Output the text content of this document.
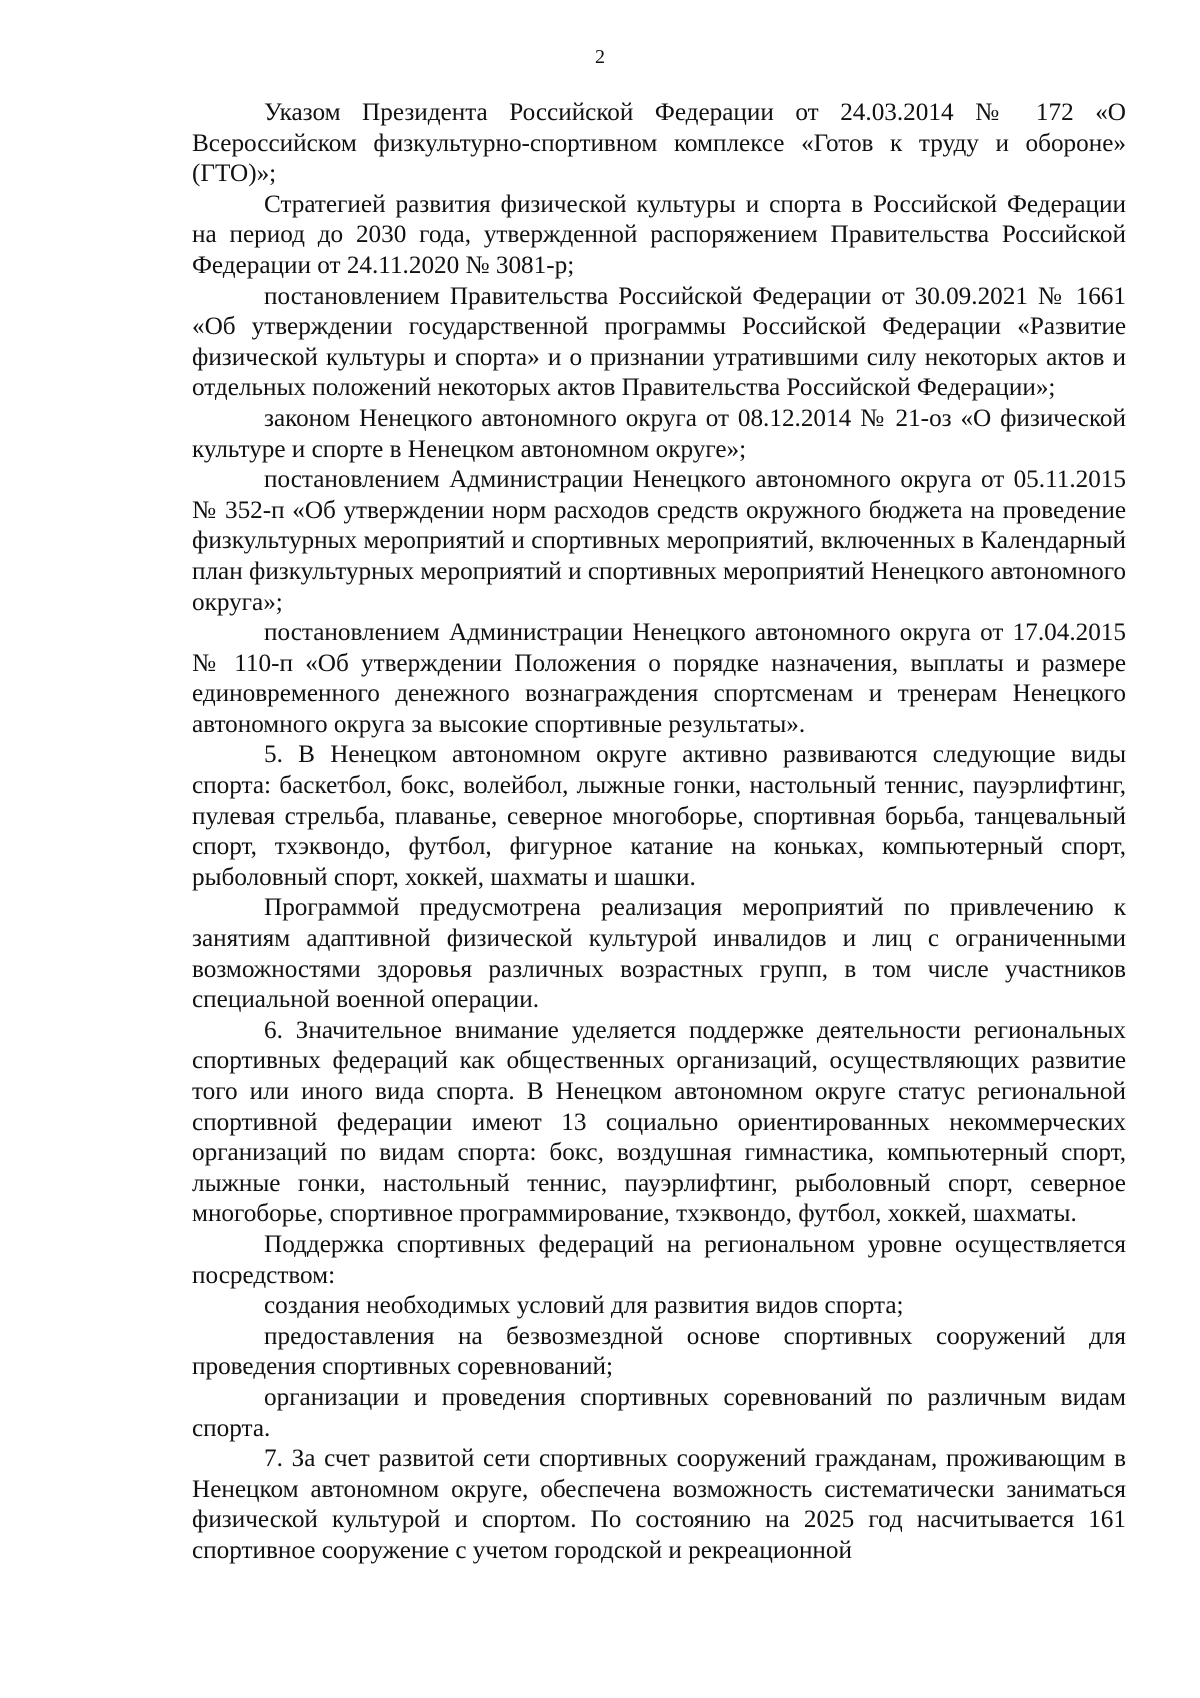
2

Указом Президента Российской Федерации от 24.03.2014 № 172 «О Всероссийском физкультурно-спортивном комплексе «Готов к труду и обороне» (ГТО)»;

Стратегией развития физической культуры и спорта в Российской Федерации на период до 2030 года, утвержденной распоряжением Правительства Российской Федерации от 24.11.2020 № 3081-р;

постановлением Правительства Российской Федерации от 30.09.2021 № 1661 «Об утверждении государственной программы Российской Федерации «Развитие физической культуры и спорта» и о признании утратившими силу некоторых актов и отдельных положений некоторых актов Правительства Российской Федерации»;

законом Ненецкого автономного округа от 08.12.2014 № 21-оз «О физической культуре и спорте в Ненецком автономном округе»;

постановлением Администрации Ненецкого автономного округа от 05.11.2015 № 352-п «Об утверждении норм расходов средств окружного бюджета на проведение физкультурных мероприятий и спортивных мероприятий, включенных в Календарный план физкультурных мероприятий и спортивных мероприятий Ненецкого автономного округа»;

постановлением Администрации Ненецкого автономного округа от 17.04.2015 № 110-п «Об утверждении Положения о порядке назначения, выплаты и размере единовременного денежного вознаграждения спортсменам и тренерам Ненецкого автономного округа за высокие спортивные результаты».

5. В Ненецком автономном округе активно развиваются следующие виды спорта: баскетбол, бокс, волейбол, лыжные гонки, настольный теннис, пауэрлифтинг, пулевая стрельба, плаванье, северное многоборье, спортивная борьба, танцевальный спорт, тхэквондо, футбол, фигурное катание на коньках, компьютерный спорт, рыболовный спорт, хоккей, шахматы и шашки.

Программой предусмотрена реализация мероприятий по привлечению к занятиям адаптивной физической культурой инвалидов и лиц с ограниченными возможностями здоровья различных возрастных групп, в том числе участников специальной военной операции.

6. Значительное внимание уделяется поддержке деятельности региональных спортивных федераций как общественных организаций, осуществляющих развитие того или иного вида спорта. В Ненецком автономном округе статус региональной спортивной федерации имеют 13 социально ориентированных некоммерческих организаций по видам спорта: бокс, воздушная гимнастика, компьютерный спорт, лыжные гонки, настольный теннис, пауэрлифтинг, рыболовный спорт, северное многоборье, спортивное программирование, тхэквондо, футбол, хоккей, шахматы.

Поддержка спортивных федераций на региональном уровне осуществляется посредством:

создания необходимых условий для развития видов спорта;

предоставления на безвозмездной основе спортивных сооружений для проведения спортивных соревнований;

организации и проведения спортивных соревнований по различным видам спорта.

7. За счет развитой сети спортивных сооружений гражданам, проживающим в Ненецком автономном округе, обеспечена возможность систематически заниматься физической культурой и спортом. По состоянию на 2025 год насчитывается 161 спортивное сооружение с учетом городской и рекреационной
